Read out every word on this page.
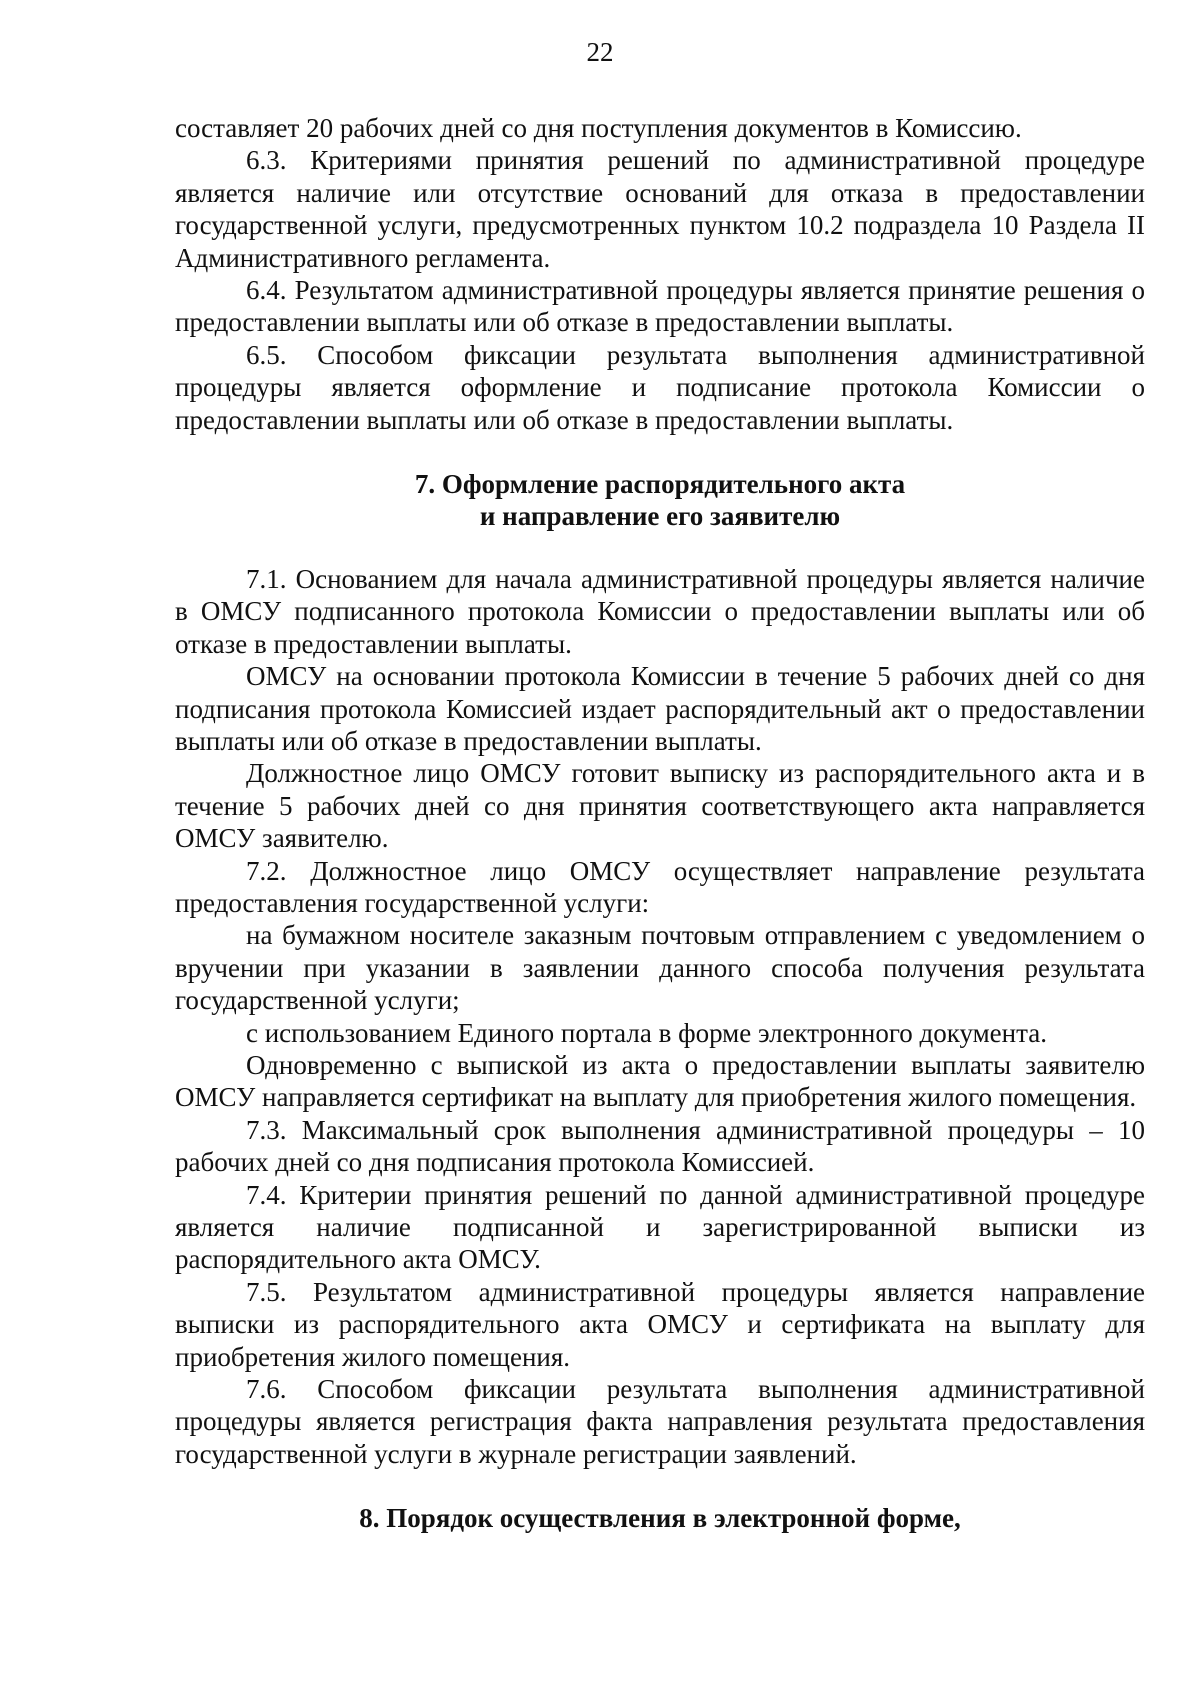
22

составляет 20 рабочих дней со дня поступления документов в Комиссию.

6.3. Критериями принятия решений по административной процедуре является наличие или отсутствие оснований для отказа в предоставлении государственной услуги, предусмотренных пунктом 10.2 подраздела 10 Раздела II Административного регламента.

6.4. Результатом административной процедуры является принятие решения о предоставлении выплаты или об отказе в предоставлении выплаты.

6.5. Способом фиксации результата выполнения административной процедуры является оформление и подписание протокола Комиссии о предоставлении выплаты или об отказе в предоставлении выплаты.

7. Оформление распорядительного акта
и направление его заявителю

7.1. Основанием для начала административной процедуры является наличие в ОМСУ подписанного протокола Комиссии о предоставлении выплаты или об отказе в предоставлении выплаты.

ОМСУ на основании протокола Комиссии в течение 5 рабочих дней со дня подписания протокола Комиссией издает распорядительный акт о предоставлении выплаты или об отказе в предоставлении выплаты.

Должностное лицо ОМСУ готовит выписку из распорядительного акта и в течение 5 рабочих дней со дня принятия соответствующего акта направляется ОМСУ заявителю.

7.2. Должностное лицо ОМСУ осуществляет направление результата предоставления государственной услуги:

на бумажном носителе заказным почтовым отправлением с уведомлением о вручении при указании в заявлении данного способа получения результата государственной услуги;

с использованием Единого портала в форме электронного документа.

Одновременно с выпиской из акта о предоставлении выплаты заявителю ОМСУ направляется сертификат на выплату для приобретения жилого помещения.

7.3. Максимальный срок выполнения административной процедуры – 10 рабочих дней со дня подписания протокола Комиссией.

7.4. Критерии принятия решений по данной административной процедуре является наличие подписанной и зарегистрированной выписки из распорядительного акта ОМСУ.

7.5. Результатом административной процедуры является направление выписки из распорядительного акта ОМСУ и сертификата на выплату для приобретения жилого помещения.

7.6. Способом фиксации результата выполнения административной процедуры является регистрация факта направления результата предоставления государственной услуги в журнале регистрации заявлений.

8. Порядок осуществления в электронной форме,
